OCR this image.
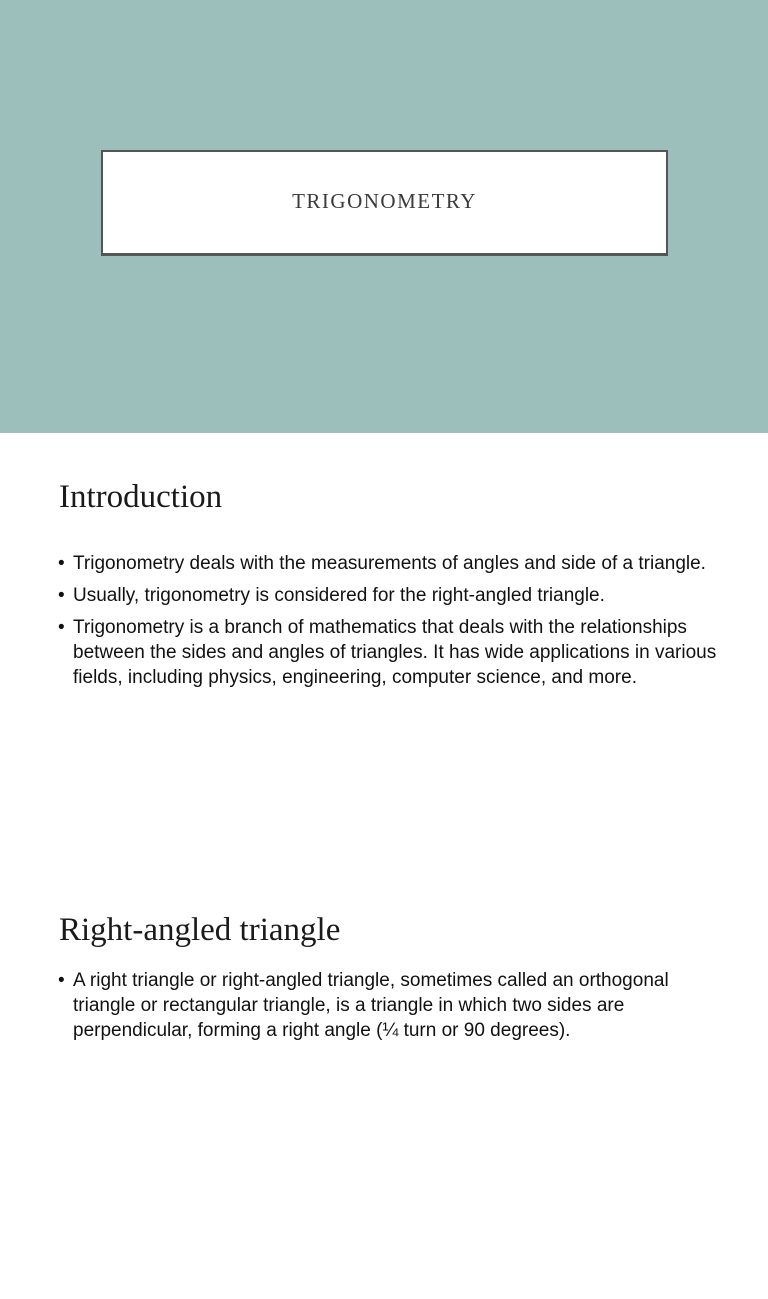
TRIGONOMETRY
Introduction
• Trigonometry deals with the measurements of angles and side of a triangle.
• Usually, trigonometry is considered for the right-angled triangle.
• Trigonometry is a branch of mathematics that deals with the relationships between the sides and angles of triangles. It has wide applications in various fields, including physics, engineering, computer science, and more.
Right-angled triangle
• A right triangle or right-angled triangle, sometimes called an orthogonal triangle or rectangular triangle, is a triangle in which two sides are perpendicular, forming a right angle (¼ turn or 90 degrees).
